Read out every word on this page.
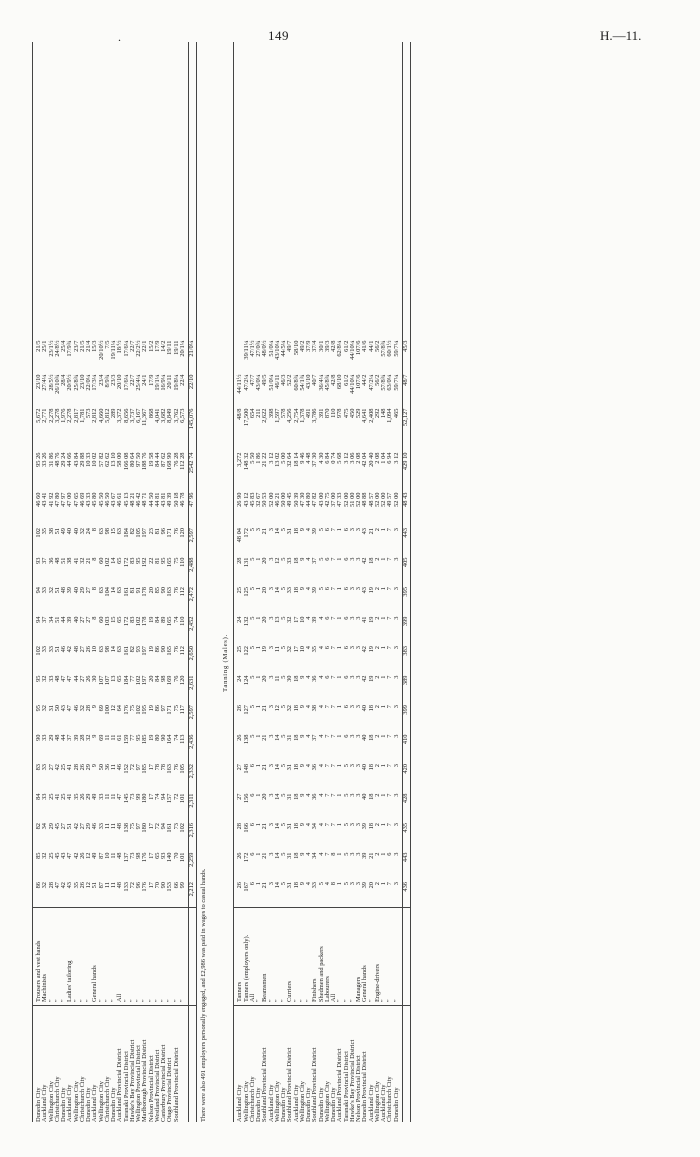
.	149	H.—11.
Dunedin City
Trousers and vest hands
86
85
82
84
83
90
95
95
102
94
94
93
102
46 60
95 26
5,672
23/10
21/5
Auckland City
Machinists
32
32
34
33
33
33
32
32
33
37
33
37
35
43 41
33 26
2,771
27/4¼
25/1
Wellington City
"
28
25
29
25
27
29
31
33
33
34
32
36
38
41 92
31 86
2,278
28/5½
23/1½
Christchurch City
"
47
45
45
41
42
48
50
48
51
51
51
48
51
47 80
48 76
3,278
26/10¾
24/8½
Dunedin City
"
42
43
27
25
25
44
43
47
46
44
48
51
49
47 97
29 24
1,976
28/4
25/4
Auckland City
Ladies' tailoring
43
47
51
41
41
37
47
47
42
39
39
38
40
47 00
44 66
2,278
20/9½
17/9¾
Wellington City
"
35
42
42
35
28
39
46
44
48
40
40
41
40
47 65
43 84
2,817
25/8¾
23/7
Christchurch City
"
26
26
27
26
26
28
32
27
27
27
29
32
32
46 69
29 88
1,781
23/10
21/5
Dunedin City
"
12
12
29
29
29
32
28
26
26
27
27
21
24
43 33
10 33
573
22/0¼
21/4
Auckland City
General hands
51
49
46
49
9
9
9
30
10
8
8
8
8
45 80
10 02
2,812
17/3¼
15/3
Wellington City
"
87
87
33
33
50
69
69
107
63
60
63
60
63
45 50
57 82
4,660
23/4
20/10½
Christchurch City
"
11
10
11
11
36
11
100
107
98
103
104
102
98
46 50
62 62
5,812
8/9¾
7/5
Dunedin City
"
11
11
11
11
11
11
12
13
14
15
14
14
15
43 67
13 10
289
23/3
19/11¼
Auckland Provincial District
All
48
48
48
47
46
61
64
65
63
65
63
65
63
46 61
58 00
3,372
20/10
18/½
Taranaki Provincial District
"
133
137
138
145
152
159
176
184
161
172
161
172
184
45 13
166 08
8,656
17/6¼
17/6¼
Hawke's Bay Provincial District
"
72
73
75
73
72
77
75
77
82
83
81
83
82
48 21
80 64
3,737
22/7
22/7
Wellington Provincial District
"
96
98
97
99
97
95
102
102
93
102
91
95
105
46 42
97 50
6,167
25/4¼
22/2½
Marlborough Provincial District
"
176
176
180
180
185
185
195
197
197
178
178
192
197
48 71
188 76
11,367
24/1
22/1
Nelson Provincial District
"
17
17
17
17
17
19
19
20
19
19
20
22
23
44 50
19 58
868
17/9
15/2
Westland Provincial District
"
70
65
72
74
78
80
86
84
86
84
85
81
81
44 81
84 44
4,041
19/1¼
17/9
Canterbury Provincial District
"
90
93
94
94
78
90
97
98
90
89
90
95
96
43 81
87 62
3,682
16/9¼
14/2
Otago Provincial District
"
153
140
161
157
163
164
171
169
165
165
163
165
171
49 39
168 90
8,849
20/11
19/11
Southland Provincial District
"
66
70
73
72
76
74
75
76
76
74
76
75
76
50 18
76 28
3,762
19/8¼
19/11
"
99
101
102
101
105
113
117
120
112
110
112
110
120
46 78
112 28
6,573
22/4
20/1¼
2,212
2,259
2,316
2,311
2,332
2,436
2,597
2,631
2,650
2,452
2,472
2,488
2,597
47 96
2542 74
145,076
22/10
21/0¼
There were also 491 employers personally engaged, and £2,986 was paid in wages to casual hands.
Tanning (Males).
Auckland City
Tanners
26
26
28
27
27
26
26
24
25
24
25
28
48 04
26 90
3,272
48/8
44/11½
Wellington City
Tanners (employers only).
167
172
166
156
148
138
127
124
122
132
125
131
172
43 12
148 32
17,500
47/2¼
39/11¼
Christchurch City
All
6
6
6
6
6
5
5
5
5
5
5
5
5
45 83
5 50
654
47/7
47/1½
Dunedin City
"
1
1
1
1
1
1
1
1
1
1
1
1
3
32 67
1 86
211
43/0¼
27/0¾
Southland Provincial District
Beamsmen
21
21
21
20
21
21
21
20
19
20
20
20
21
50 53
21 22
2,622
49/5
48/0½
Auckland City
"
3
3
3
3
3
3
3
3
3
3
3
3
3
52 00
3 12
398
51/0¼
51/0¼
Wellington City
"
14
14
14
14
14
14
12
11
11
13
14
12
14
46 21
13 02
1,597
46/11
43/10¼
Dunedin City
"
5
5
5
5
5
5
5
5
5
5
5
5
5
50 00
5 00
578
46/3
44/5¼
Southland Provincial District
Curriers
31
31
31
31
31
31
32
30
32
32
33
33
31
49 45
32 64
4,256
52/2
49/7
Auckland City
"
18
18
18
18
18
18
18
18
17
17
18
18
18
50 39
18 14
2,754
60/8¾
58/10
Wellington City
"
9
9
9
9
9
9
9
9
10
10
9
9
9
47 30
9 46
1,378
54/1¾
49/2
Dunedin City
"
4
4
4
4
4
4
4
4
4
4
4
4
4
44 80
4 48
491
43/10
37/9
Southland Provincial District
Finishers
33
34
34
36
36
37
38
36
35
39
39
37
39
47 82
37 30
3,786
40/7
37/4
Dunedin City
Shedmen and packers
5
4
4
4
4
4
4
4
4
4
5
5
5
43 00
4 30
391
36/4¼
30/1
Wellington City
Labourers
4
7
7
7
7
7
7
6
6
6
6
6
6
42 75
6 84
870
45/8¾
39/3
Dunedin City
All
8
8
7
7
7
7
7
7
7
7
7
7
7
37 00
0 74
110
42/8
42/8
Auckland Provincial District
"
1
1
1
1
1
1
1
1
1
1
1
1
1
47 33
5 68
978
68/10
62/8¼
Taranaki Provincial District
"
5
5
5
5
5
6
6
6
6
6
6
6
6
52 00
3 12
475
61/2
61/2
Hawke's Bay Provincial District
"
3
3
3
3
3
3
3
3
3
3
3
3
3
51 00
3 06
450
44/10¼
44/10¼
Nelson Provincial District
Managers
3
3
3
3
3
3
3
3
3
3
3
3
3
52 00
2 08
529
107/6
107/6
Dunedin Provincial District
General hands
39
39
39
40
40
40
40
42
42
41
43
42
43
48 88
42 04
4,641
44/2
41/6
Auckland City
"
20
21
18
18
18
18
18
19
19
19
19
18
21
48 57
20 40
2,408
47/2¼
44/1
Wellington City
Engine-drivers
2
2
2
2
2
2
2
2
2
2
2
2
2
52 00
2 08
292
56/2
56/2
Auckland City
"
1
1
1
1
1
1
1
1
1
1
1
1
1
52 00
1 04
148
57/8¾
57/8¾
Christchurch City
"
7
6
7
7
7
7
7
7
7
7
7
7
7
49 57
6 94
1,094
63/0¼
60/1½
Dunedin City
"
3
3
3
3
3
3
3
3
3
3
3
3
3
52 00
3 12
465
59/7¼
59/7¼
436
443
435
428
420
410
399
389
383
399
395
405
443
48 43
429 10
52,127
48/7
45/3
